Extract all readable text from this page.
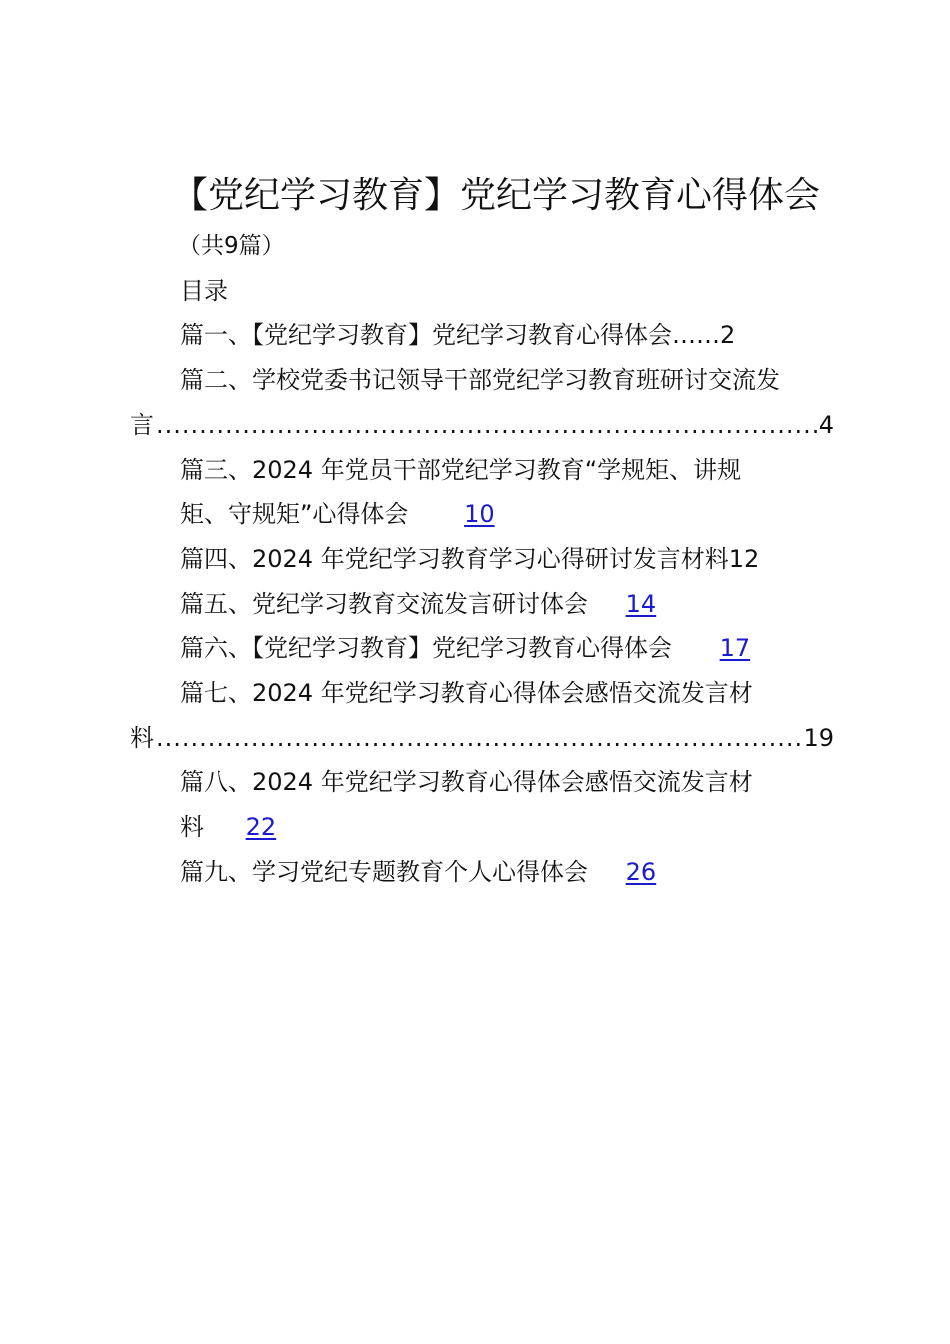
【党纪学习教育】党纪学习教育心得体会
（共9篇）
目录
篇一、【党纪学习教育】党纪学习教育心得体会……2
篇二、学校党委书记领导干部党纪学习教育班研讨交流发
言 .....	4
篇三、2024 年党员干部党纪学习教育“学规矩、讲规
矩、守规矩”心得体会 10
篇四、2024 年党纪学习教育学习心得研讨发言材料12
篇五、党纪学习教育交流发言研讨体会 14
篇六、【党纪学习教育】党纪学习教育心得体会 17
篇七、2024 年党纪学习教育心得体会感悟交流发言材
料 .....	19
篇八、2024 年党纪学习教育心得体会感悟交流发言材
料 22
篇九、学习党纪专题教育个人心得体会 26
